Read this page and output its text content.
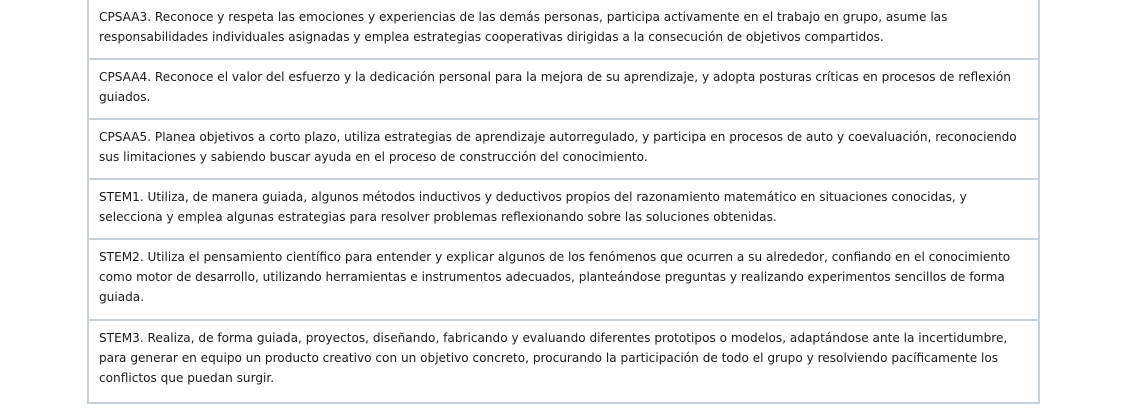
CPSAA3. Reconoce y respeta las emociones y experiencias de las demás personas, participa activamente en el trabajo en grupo, asume las responsabilidades individuales asignadas y emplea estrategias cooperativas dirigidas a la consecución de objetivos compartidos.
CPSAA4. Reconoce el valor del esfuerzo y la dedicación personal para la mejora de su aprendizaje, y adopta posturas críticas en procesos de reflexión guiados.
CPSAA5. Planea objetivos a corto plazo, utiliza estrategias de aprendizaje autorregulado, y participa en procesos de auto y coevaluación, reconociendo sus limitaciones y sabiendo buscar ayuda en el proceso de construcción del conocimiento.
STEM1. Utiliza, de manera guiada, algunos métodos inductivos y deductivos propios del razonamiento matemático en situaciones conocidas, y selecciona y emplea algunas estrategias para resolver problemas reflexionando sobre las soluciones obtenidas.
STEM2. Utiliza el pensamiento científico para entender y explicar algunos de los fenómenos que ocurren a su alrededor, confiando en el conocimiento como motor de desarrollo, utilizando herramientas e instrumentos adecuados, planteándose preguntas y realizando experimentos sencillos de forma guiada.
STEM3. Realiza, de forma guiada, proyectos, diseñando, fabricando y evaluando diferentes prototipos o modelos, adaptándose ante la incertidumbre, para generar en equipo un producto creativo con un objetivo concreto, procurando la participación de todo el grupo y resolviendo pacíficamente los conflictos que puedan surgir.
